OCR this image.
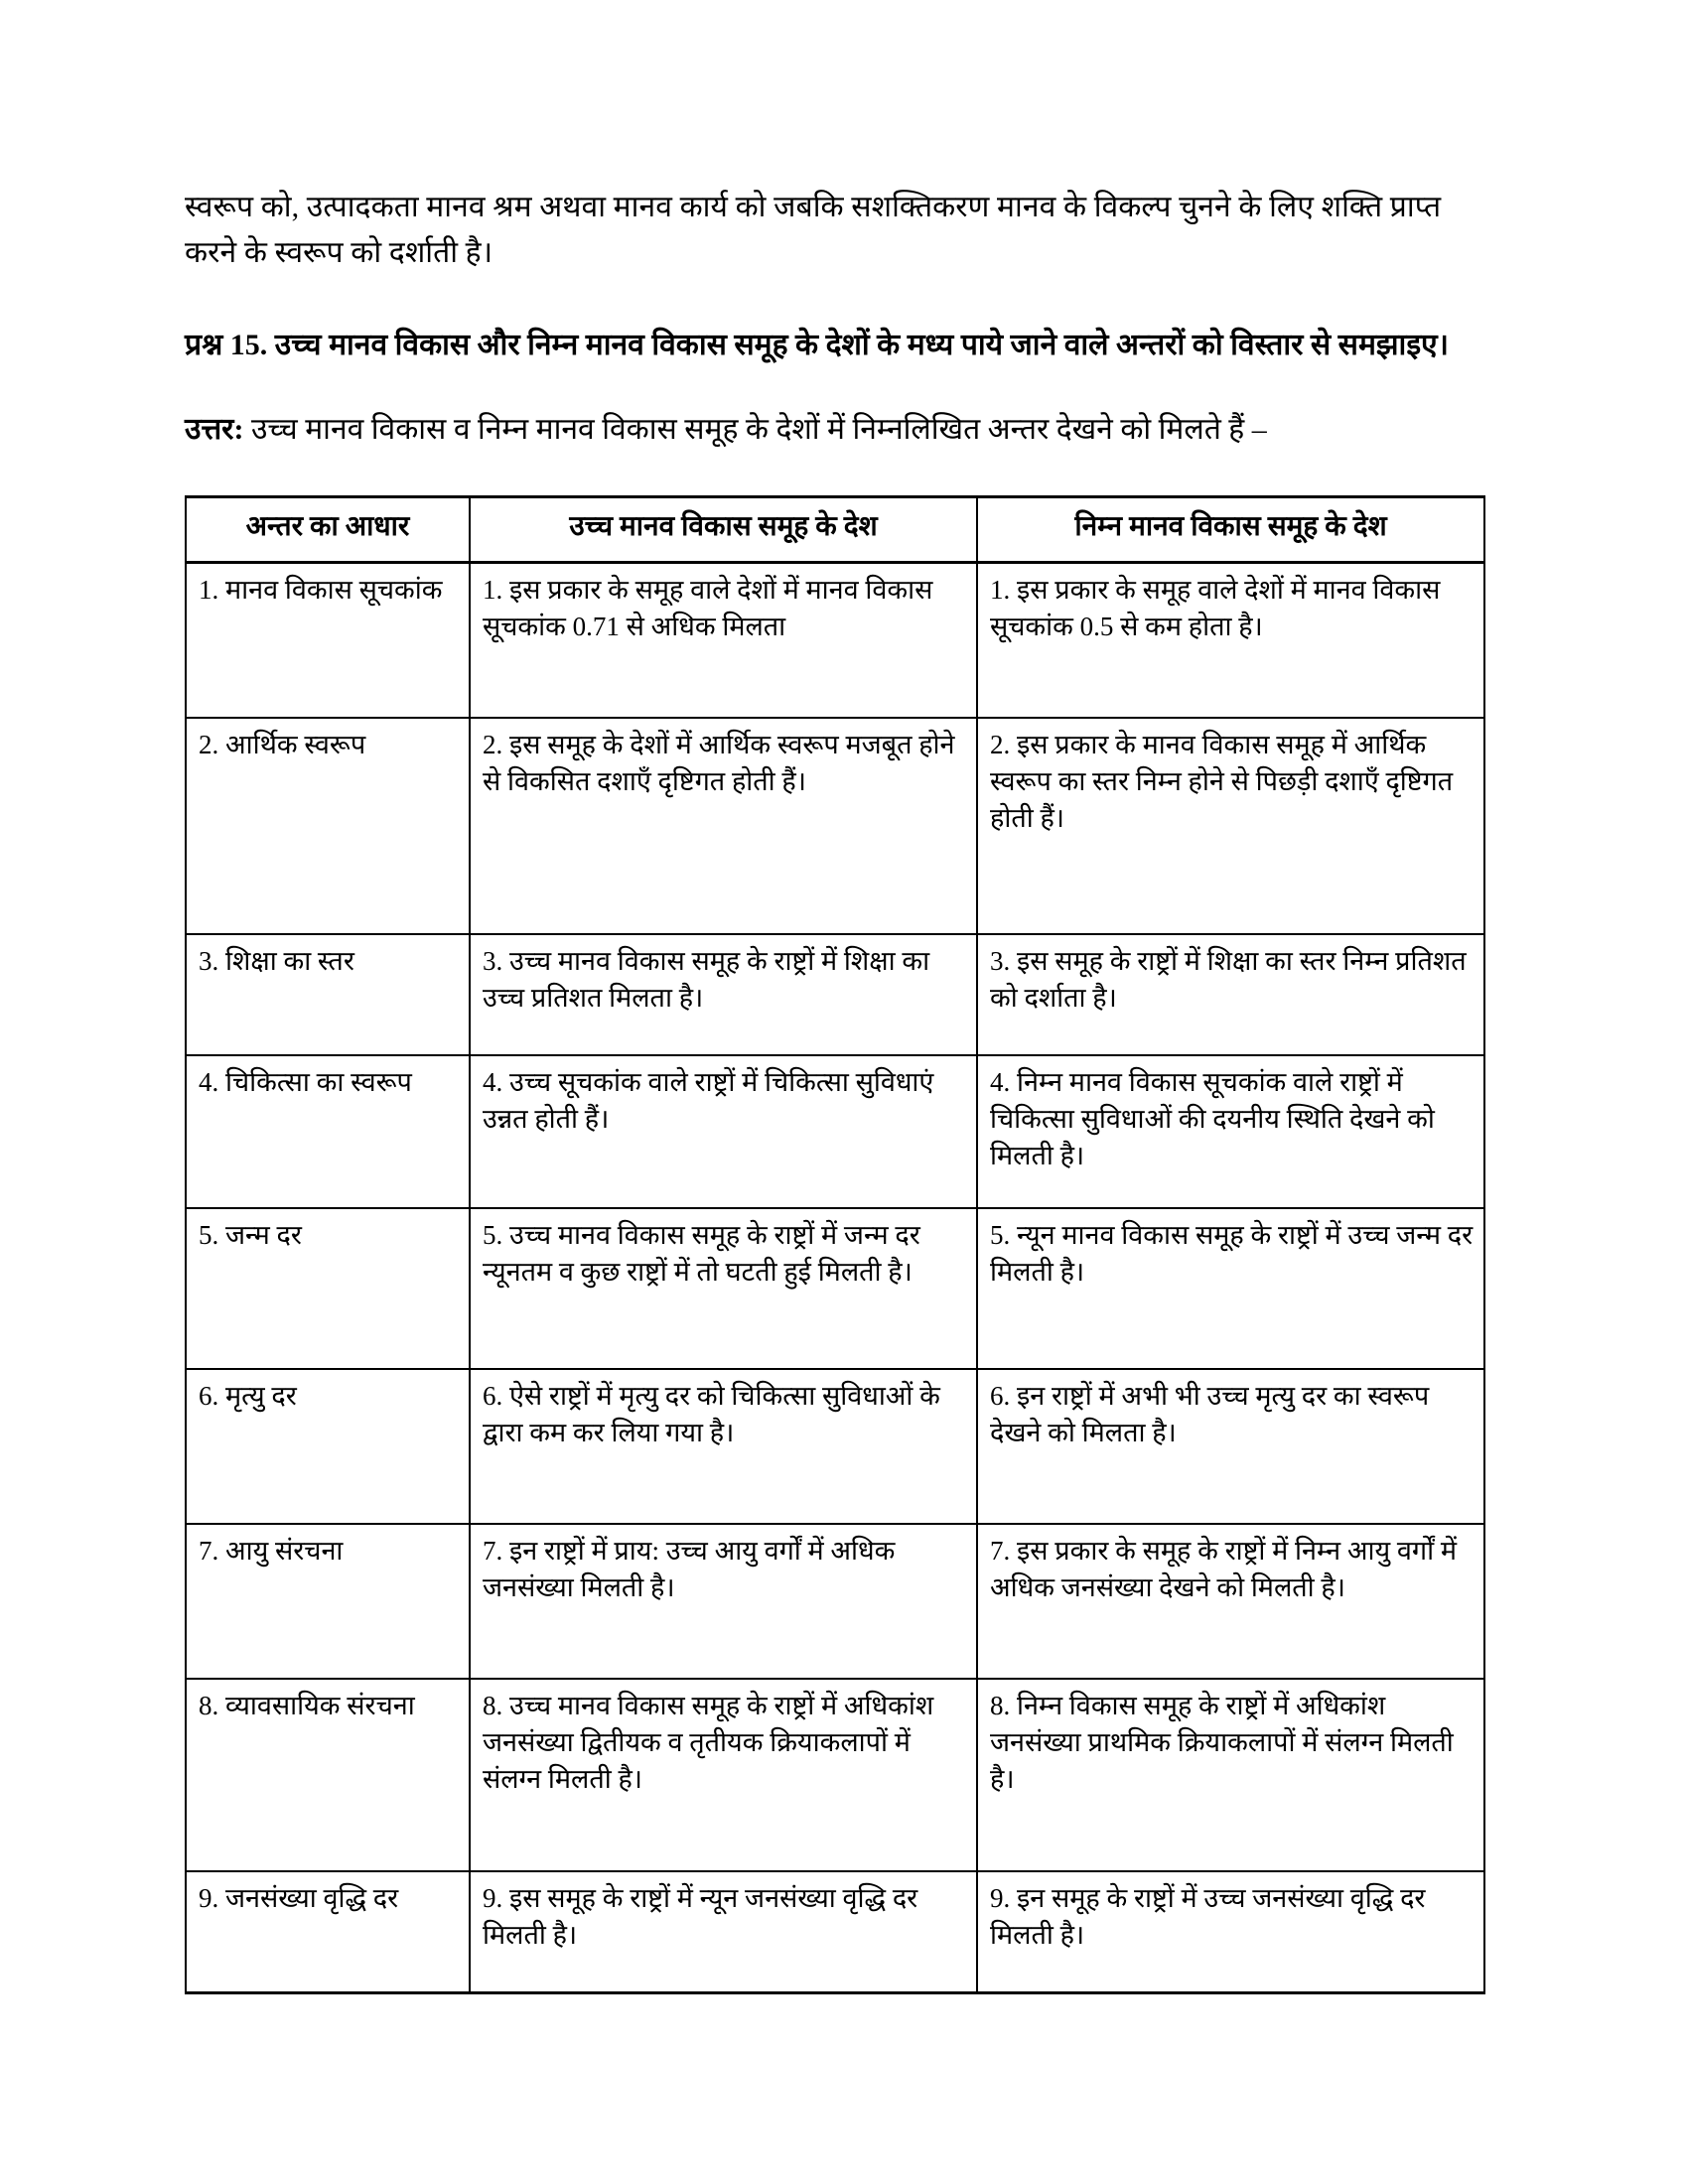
स्वरूप को, उत्पादकता मानव श्रम अथवा मानव कार्य को जबकि सशक्तिकरण मानव के विकल्प चुनने के लिए शक्ति प्राप्त करने के स्वरूप को दर्शाती है।

प्रश्न 15. उच्च मानव विकास और निम्न मानव विकास समूह के देशों के मध्य पाये जाने वाले अन्तरों को विस्तार से समझाइए।

उत्तर: उच्च मानव विकास व निम्न मानव विकास समूह के देशों में निम्नलिखित अन्तर देखने को मिलते हैं –

अन्तर का आधार	उच्च मानव विकास समूह के देश	निम्न मानव विकास समूह के देश
1. मानव विकास सूचकांक	1. इस प्रकार के समूह वाले देशों में मानव विकास सूचकांक 0.71 से अधिक मिलता	1. इस प्रकार के समूह वाले देशों में मानव विकास सूचकांक 0.5 से कम होता है।
2. आर्थिक स्वरूप	2. इस समूह के देशों में आर्थिक स्वरूप मजबूत होने से विकसित दशाएँ दृष्टिगत होती हैं।	2. इस प्रकार के मानव विकास समूह में आर्थिक स्वरूप का स्तर निम्न होने से पिछड़ी दशाएँ दृष्टिगत होती हैं।
3. शिक्षा का स्तर	3. उच्च मानव विकास समूह के राष्ट्रों में शिक्षा का उच्च प्रतिशत मिलता है।	3. इस समूह के राष्ट्रों में शिक्षा का स्तर निम्न प्रतिशत को दर्शाता है।
4. चिकित्सा का स्वरूप	4. उच्च सूचकांक वाले राष्ट्रों में चिकित्सा सुविधाएं उन्नत होती हैं।	4. निम्न मानव विकास सूचकांक वाले राष्ट्रों में चिकित्सा सुविधाओं की दयनीय स्थिति देखने को मिलती है।
5. जन्म दर	5. उच्च मानव विकास समूह के राष्ट्रों में जन्म दर न्यूनतम व कुछ राष्ट्रों में तो घटती हुई मिलती है।	5. न्यून मानव विकास समूह के राष्ट्रों में उच्च जन्म दर मिलती है।
6. मृत्यु दर	6. ऐसे राष्ट्रों में मृत्यु दर को चिकित्सा सुविधाओं के द्वारा कम कर लिया गया है।	6. इन राष्ट्रों में अभी भी उच्च मृत्यु दर का स्वरूप देखने को मिलता है।
7. आयु संरचना	7. इन राष्ट्रों में प्राय: उच्च आयु वर्गों में अधिक जनसंख्या मिलती है।	7. इस प्रकार के समूह के राष्ट्रों में निम्न आयु वर्गों में अधिक जनसंख्या देखने को मिलती है।
8. व्यावसायिक संरचना	8. उच्च मानव विकास समूह के राष्ट्रों में अधिकांश जनसंख्या द्वितीयक व तृतीयक क्रियाकलापों में संलग्न मिलती है।	8. निम्न विकास समूह के राष्ट्रों में अधिकांश जनसंख्या प्राथमिक क्रियाकलापों में संलग्न मिलती है।
9. जनसंख्या वृद्धि दर	9. इस समूह के राष्ट्रों में न्यून जनसंख्या वृद्धि दर मिलती है।	9. इन समूह के राष्ट्रों में उच्च जनसंख्या वृद्धि दर मिलती है।
